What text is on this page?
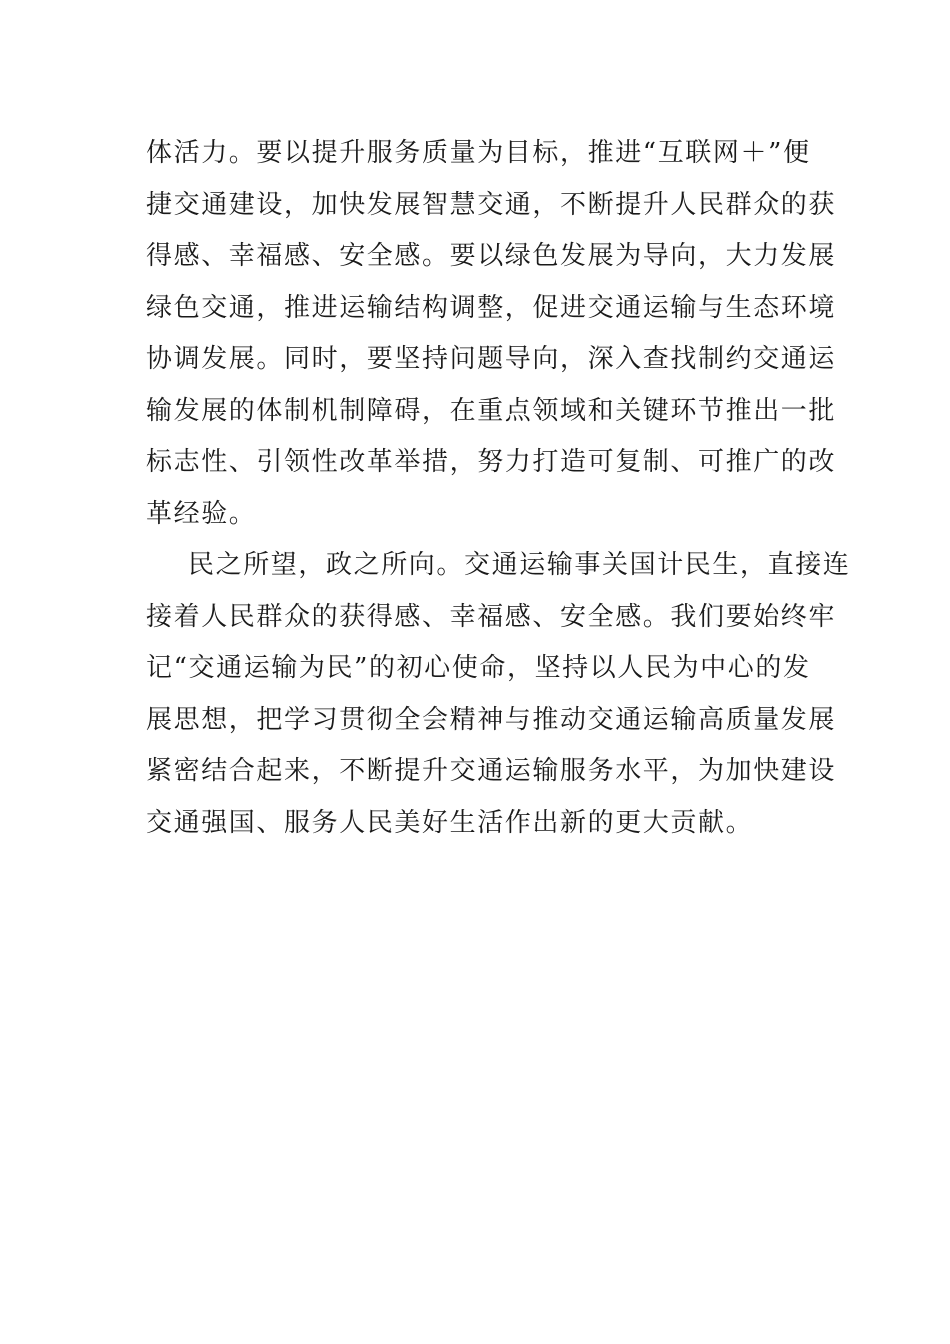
体活力。要以提升服务质量为目标，推进“互联网＋”便
捷交通建设，加快发展智慧交通，不断提升人民群众的获
得感、幸福感、安全感。要以绿色发展为导向，大力发展
绿色交通，推进运输结构调整，促进交通运输与生态环境
协调发展。同时，要坚持问题导向，深入查找制约交通运
输发展的体制机制障碍，在重点领域和关键环节推出一批
标志性、引领性改革举措，努力打造可复制、可推广的改
革经验。
民之所望，政之所向。交通运输事关国计民生，直接连
接着人民群众的获得感、幸福感、安全感。我们要始终牢
记“交通运输为民”的初心使命，坚持以人民为中心的发
展思想，把学习贯彻全会精神与推动交通运输高质量发展
紧密结合起来，不断提升交通运输服务水平，为加快建设
交通强国、服务人民美好生活作出新的更大贡献。
